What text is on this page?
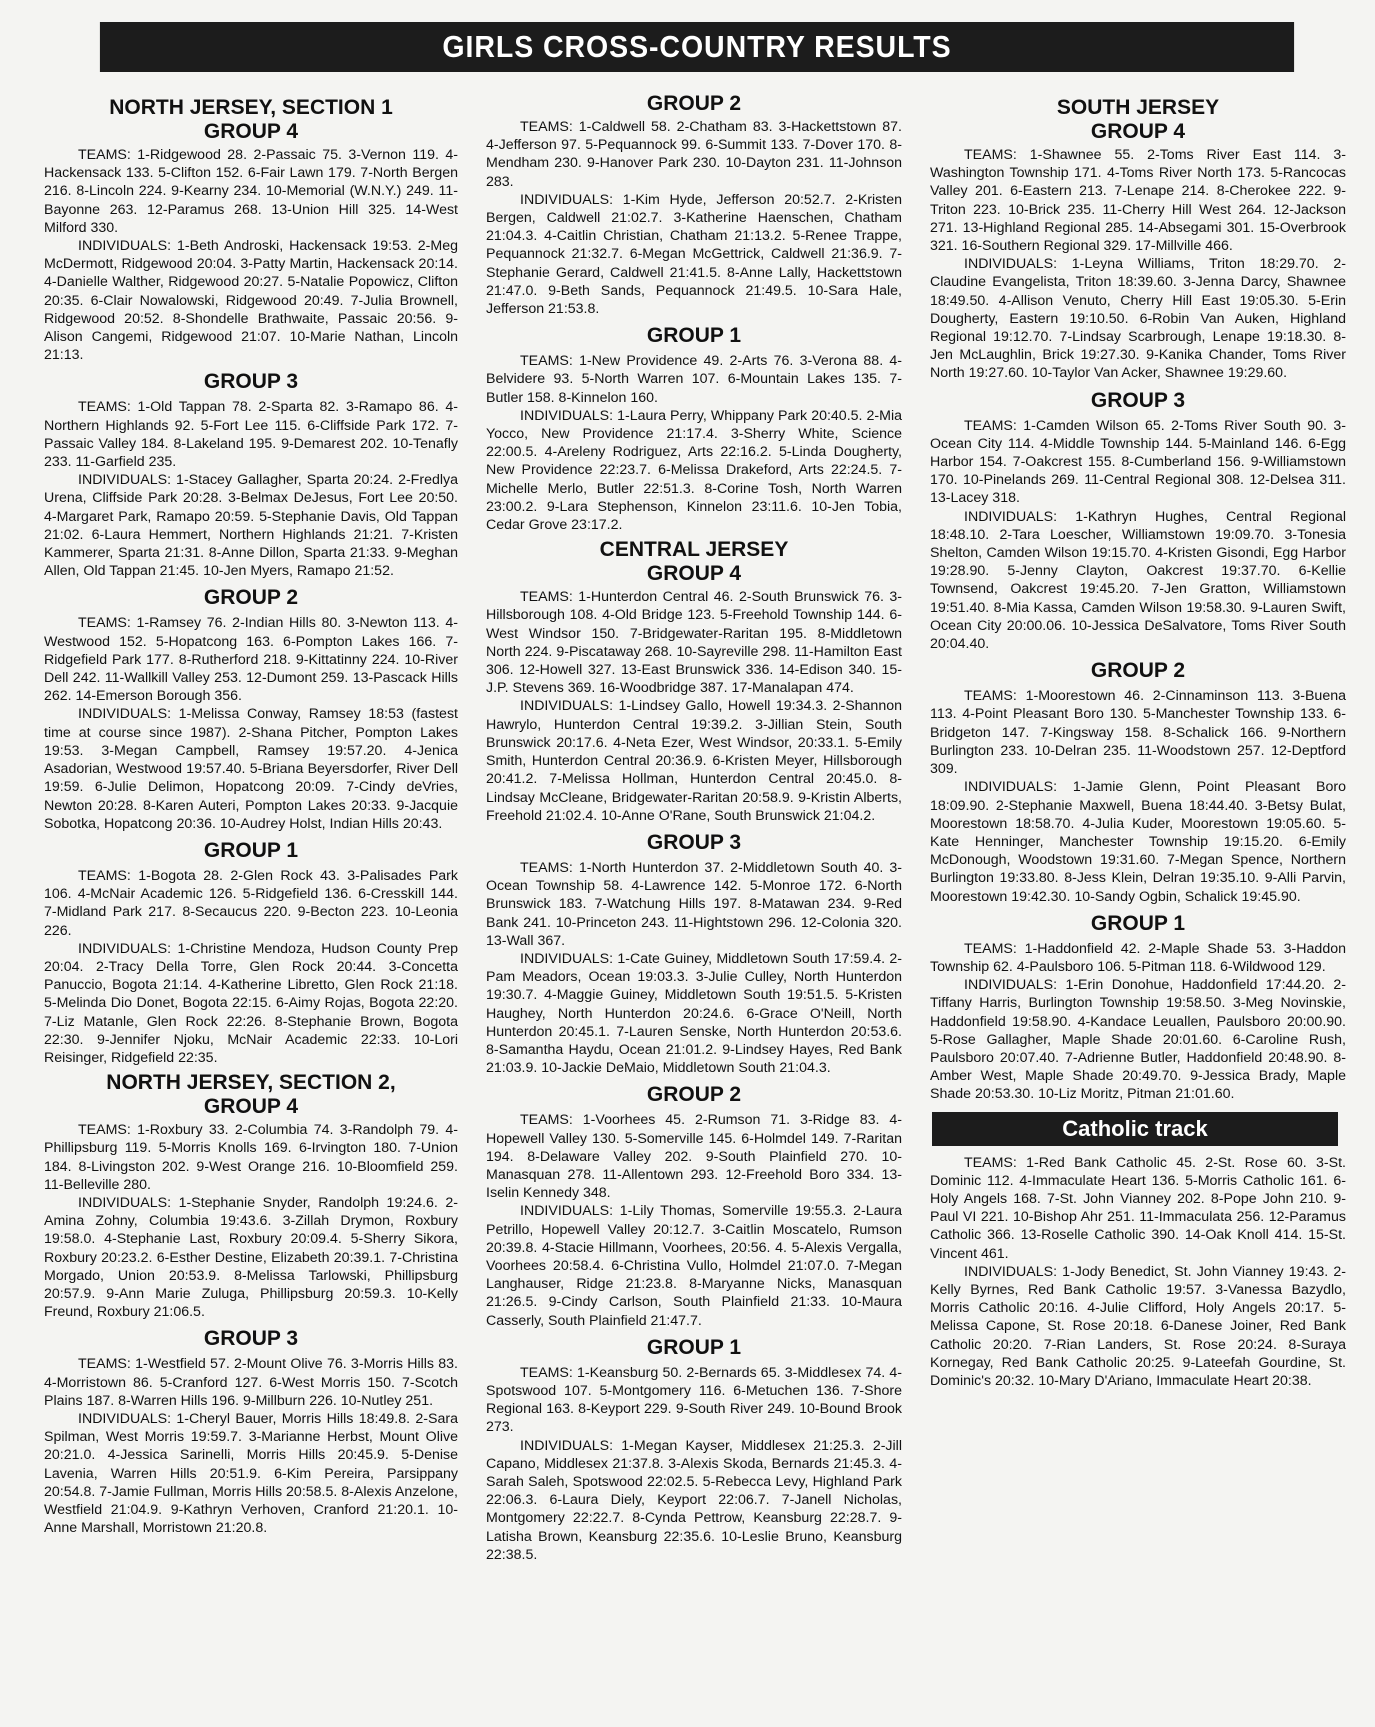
GIRLS CROSS-COUNTRY RESULTS
NORTH JERSEY, SECTION 1
GROUP 4

TEAMS: 1-Ridgewood 28. 2-Passaic 75. 3-Vernon 119. 4-Hackensack 133. 5-Clifton 152. 6-Fair Lawn 179. 7-North Bergen 216. 8-Lincoln 224. 9-Kearny 234. 10-Memorial (W.N.Y.) 249. 11-Bayonne 263. 12-Paramus 268. 13-Union Hill 325. 14-West Milford 330.

INDIVIDUALS: 1-Beth Androski, Hackensack 19:53. 2-Meg McDermott, Ridgewood 20:04. 3-Patty Martin, Hackensack 20:14. 4-Danielle Walther, Ridgewood 20:27. 5-Natalie Popowicz, Clifton 20:35. 6-Clair Nowalowski, Ridgewood 20:49. 7-Julia Brownell, Ridgewood 20:52. 8-Shondelle Brathwaite, Passaic 20:56. 9-Alison Cangemi, Ridgewood 21:07. 10-Marie Nathan, Lincoln 21:13.

GROUP 3

TEAMS: 1-Old Tappan 78. 2-Sparta 82. 3-Ramapo 86. 4-Northern Highlands 92. 5-Fort Lee 115. 6-Cliffside Park 172. 7-Passaic Valley 184. 8-Lakeland 195. 9-Demarest 202. 10-Tenafly 233. 11-Garfield 235.

INDIVIDUALS: 1-Stacey Gallagher, Sparta 20:24. 2-Fredlya Urena, Cliffside Park 20:28. 3-Belmax DeJesus, Fort Lee 20:50. 4-Margaret Park, Ramapo 20:59. 5-Stephanie Davis, Old Tappan 21:02. 6-Laura Hemmert, Northern Highlands 21:21. 7-Kristen Kammerer, Sparta 21:31. 8-Anne Dillon, Sparta 21:33. 9-Meghan Allen, Old Tappan 21:45. 10-Jen Myers, Ramapo 21:52.

GROUP 2

TEAMS: 1-Ramsey 76. 2-Indian Hills 80. 3-Newton 113. 4-Westwood 152. 5-Hopatcong 163. 6-Pompton Lakes 166. 7-Ridgefield Park 177. 8-Rutherford 218. 9-Kittatinny 224. 10-River Dell 242. 11-Wallkill Valley 253. 12-Dumont 259. 13-Pascack Hills 262. 14-Emerson Borough 356.

INDIVIDUALS: 1-Melissa Conway, Ramsey 18:53 (fastest time at course since 1987). 2-Shana Pitcher, Pompton Lakes 19:53. 3-Megan Campbell, Ramsey 19:57.20. 4-Jenica Asadorian, Westwood 19:57.40. 5-Briana Beyersdorfer, River Dell 19:59. 6-Julie Delimon, Hopatcong 20:09. 7-Cindy deVries, Newton 20:28. 8-Karen Auteri, Pompton Lakes 20:33. 9-Jacquie Sobotka, Hopatcong 20:36. 10-Audrey Holst, Indian Hills 20:43.

GROUP 1

TEAMS: 1-Bogota 28. 2-Glen Rock 43. 3-Palisades Park 106. 4-McNair Academic 126. 5-Ridgefield 136. 6-Cresskill 144. 7-Midland Park 217. 8-Secaucus 220. 9-Becton 223. 10-Leonia 226.

INDIVIDUALS: 1-Christine Mendoza, Hudson County Prep 20:04. 2-Tracy Della Torre, Glen Rock 20:44. 3-Concetta Panuccio, Bogota 21:14. 4-Katherine Libretto, Glen Rock 21:18. 5-Melinda Dio Donet, Bogota 22:15. 6-Aimy Rojas, Bogota 22:20. 7-Liz Matanle, Glen Rock 22:26. 8-Stephanie Brown, Bogota 22:30. 9-Jennifer Njoku, McNair Academic 22:33. 10-Lori Reisinger, Ridgefield 22:35.

NORTH JERSEY, SECTION 2,
GROUP 4

TEAMS: 1-Roxbury 33. 2-Columbia 74. 3-Randolph 79. 4-Phillipsburg 119. 5-Morris Knolls 169. 6-Irvington 180. 7-Union 184. 8-Livingston 202. 9-West Orange 216. 10-Bloomfield 259. 11-Belleville 280.

INDIVIDUALS: 1-Stephanie Snyder, Randolph 19:24.6. 2-Amina Zohny, Columbia 19:43.6. 3-Zillah Drymon, Roxbury 19:58.0. 4-Stephanie Last, Roxbury 20:09.4. 5-Sherry Sikora, Roxbury 20:23.2. 6-Esther Destine, Elizabeth 20:39.1. 7-Christina Morgado, Union 20:53.9. 8-Melissa Tarlowski, Phillipsburg 20:57.9. 9-Ann Marie Zuluga, Phillipsburg 20:59.3. 10-Kelly Freund, Roxbury 21:06.5.

GROUP 3

TEAMS: 1-Westfield 57. 2-Mount Olive 76. 3-Morris Hills 83. 4-Morristown 86. 5-Cranford 127. 6-West Morris 150. 7-Scotch Plains 187. 8-Warren Hills 196. 9-Millburn 226. 10-Nutley 251.

INDIVIDUALS: 1-Cheryl Bauer, Morris Hills 18:49.8. 2-Sara Spilman, West Morris 19:59.7. 3-Marianne Herbst, Mount Olive 20:21.0. 4-Jessica Sarinelli, Morris Hills 20:45.9. 5-Denise Lavenia, Warren Hills 20:51.9. 6-Kim Pereira, Parsippany 20:54.8. 7-Jamie Fullman, Morris Hills 20:58.5. 8-Alexis Anzelone, Westfield 21:04.9. 9-Kathryn Verhoven, Cranford 21:20.1. 10-Anne Marshall, Morristown 21:20.8.

GROUP 2

TEAMS: 1-Caldwell 58. 2-Chatham 83. 3-Hackettstown 87. 4-Jefferson 97. 5-Pequannock 99. 6-Summit 133. 7-Dover 170. 8-Mendham 230. 9-Hanover Park 230. 10-Dayton 231. 11-Johnson 283.

INDIVIDUALS: 1-Kim Hyde, Jefferson 20:52.7. 2-Kristen Bergen, Caldwell 21:02.7. 3-Katherine Haenschen, Chatham 21:04.3. 4-Caitlin Christian, Chatham 21:13.2. 5-Renee Trappe, Pequannock 21:32.7. 6-Megan McGettrick, Caldwell 21:36.9. 7-Stephanie Gerard, Caldwell 21:41.5. 8-Anne Lally, Hackettstown 21:47.0. 9-Beth Sands, Pequannock 21:49.5. 10-Sara Hale, Jefferson 21:53.8.

GROUP 1

TEAMS: 1-New Providence 49. 2-Arts 76. 3-Verona 88. 4-Belvidere 93. 5-North Warren 107. 6-Mountain Lakes 135. 7-Butler 158. 8-Kinnelon 160.

INDIVIDUALS: 1-Laura Perry, Whippany Park 20:40.5. 2-Mia Yocco, New Providence 21:17.4. 3-Sherry White, Science 22:00.5. 4-Areleny Rodriguez, Arts 22:16.2. 5-Linda Dougherty, New Providence 22:23.7. 6-Melissa Drakeford, Arts 22:24.5. 7-Michelle Merlo, Butler 22:51.3. 8-Corine Tosh, North Warren 23:00.2. 9-Lara Stephenson, Kinnelon 23:11.6. 10-Jen Tobia, Cedar Grove 23:17.2.

CENTRAL JERSEY
GROUP 4

TEAMS: 1-Hunterdon Central 46. 2-South Brunswick 76. 3-Hillsborough 108. 4-Old Bridge 123. 5-Freehold Township 144. 6-West Windsor 150. 7-Bridgewater-Raritan 195. 8-Middletown North 224. 9-Piscataway 268. 10-Sayreville 298. 11-Hamilton East 306. 12-Howell 327. 13-East Brunswick 336. 14-Edison 340. 15-J.P. Stevens 369. 16-Woodbridge 387. 17-Manalapan 474.

INDIVIDUALS: 1-Lindsey Gallo, Howell 19:34.3. 2-Shannon Hawrylo, Hunterdon Central 19:39.2. 3-Jillian Stein, South Brunswick 20:17.6. 4-Neta Ezer, West Windsor, 20:33.1. 5-Emily Smith, Hunterdon Central 20:36.9. 6-Kristen Meyer, Hillsborough 20:41.2. 7-Melissa Hollman, Hunterdon Central 20:45.0. 8-Lindsay McCleane, Bridgewater-Raritan 20:58.9. 9-Kristin Alberts, Freehold 21:02.4. 10-Anne O'Rane, South Brunswick 21:04.2.

GROUP 3

TEAMS: 1-North Hunterdon 37. 2-Middletown South 40. 3-Ocean Township 58. 4-Lawrence 142. 5-Monroe 172. 6-North Brunswick 183. 7-Watchung Hills 197. 8-Matawan 234. 9-Red Bank 241. 10-Princeton 243. 11-Hightstown 296. 12-Colonia 320. 13-Wall 367.

INDIVIDUALS: 1-Cate Guiney, Middletown South 17:59.4. 2-Pam Meadors, Ocean 19:03.3. 3-Julie Culley, North Hunterdon 19:30.7. 4-Maggie Guiney, Middletown South 19:51.5. 5-Kristen Haughey, North Hunterdon 20:24.6. 6-Grace O'Neill, North Hunterdon 20:45.1. 7-Lauren Senske, North Hunterdon 20:53.6. 8-Samantha Haydu, Ocean 21:01.2. 9-Lindsey Hayes, Red Bank 21:03.9. 10-Jackie DeMaio, Middletown South 21:04.3.

GROUP 2

TEAMS: 1-Voorhees 45. 2-Rumson 71. 3-Ridge 83. 4-Hopewell Valley 130. 5-Somerville 145. 6-Holmdel 149. 7-Raritan 194. 8-Delaware Valley 202. 9-South Plainfield 270. 10-Manasquan 278. 11-Allentown 293. 12-Freehold Boro 334. 13-Iselin Kennedy 348.

INDIVIDUALS: 1-Lily Thomas, Somerville 19:55.3. 2-Laura Petrillo, Hopewell Valley 20:12.7. 3-Caitlin Moscatelo, Rumson 20:39.8. 4-Stacie Hillmann, Voorhees, 20:56. 4. 5-Alexis Vergalla, Voorhees 20:58.4. 6-Christina Vullo, Holmdel 21:07.0. 7-Megan Langhauser, Ridge 21:23.8. 8-Maryanne Nicks, Manasquan 21:26.5. 9-Cindy Carlson, South Plainfield 21:33. 10-Maura Casserly, South Plainfield 21:47.7.

GROUP 1

TEAMS: 1-Keansburg 50. 2-Bernards 65. 3-Middlesex 74. 4-Spotswood 107. 5-Montgomery 116. 6-Metuchen 136. 7-Shore Regional 163. 8-Keyport 229. 9-South River 249. 10-Bound Brook 273.

INDIVIDUALS: 1-Megan Kayser, Middlesex 21:25.3. 2-Jill Capano, Middlesex 21:37.8. 3-Alexis Skoda, Bernards 21:45.3. 4-Sarah Saleh, Spotswood 22:02.5. 5-Rebecca Levy, Highland Park 22:06.3. 6-Laura Diely, Keyport 22:06.7. 7-Janell Nicholas, Montgomery 22:22.7. 8-Cynda Pettrow, Keansburg 22:28.7. 9-Latisha Brown, Keansburg 22:35.6. 10-Leslie Bruno, Keansburg 22:38.5.

SOUTH JERSEY
GROUP 4

TEAMS: 1-Shawnee 55. 2-Toms River East 114. 3-Washington Township 171. 4-Toms River North 173. 5-Rancocas Valley 201. 6-Eastern 213. 7-Lenape 214. 8-Cherokee 222. 9-Triton 223. 10-Brick 235. 11-Cherry Hill West 264. 12-Jackson 271. 13-Highland Regional 285. 14-Absegami 301. 15-Overbrook 321. 16-Southern Regional 329. 17-Millville 466.

INDIVIDUALS: 1-Leyna Williams, Triton 18:29.70. 2-Claudine Evangelista, Triton 18:39.60. 3-Jenna Darcy, Shawnee 18:49.50. 4-Allison Venuto, Cherry Hill East 19:05.30. 5-Erin Dougherty, Eastern 19:10.50. 6-Robin Van Auken, Highland Regional 19:12.70. 7-Lindsay Scarbrough, Lenape 19:18.30. 8-Jen McLaughlin, Brick 19:27.30. 9-Kanika Chander, Toms River North 19:27.60. 10-Taylor Van Acker, Shawnee 19:29.60.

GROUP 3

TEAMS: 1-Camden Wilson 65. 2-Toms River South 90. 3-Ocean City 114. 4-Middle Township 144. 5-Mainland 146. 6-Egg Harbor 154. 7-Oakcrest 155. 8-Cumberland 156. 9-Williamstown 170. 10-Pinelands 269. 11-Central Regional 308. 12-Delsea 311. 13-Lacey 318.

INDIVIDUALS: 1-Kathryn Hughes, Central Regional 18:48.10. 2-Tara Loescher, Williamstown 19:09.70. 3-Tonesia Shelton, Camden Wilson 19:15.70. 4-Kristen Gisondi, Egg Harbor 19:28.90. 5-Jenny Clayton, Oakcrest 19:37.70. 6-Kellie Townsend, Oakcrest 19:45.20. 7-Jen Gratton, Williamstown 19:51.40. 8-Mia Kassa, Camden Wilson 19:58.30. 9-Lauren Swift, Ocean City 20:00.06. 10-Jessica DeSalvatore, Toms River South 20:04.40.

GROUP 2

TEAMS: 1-Moorestown 46. 2-Cinnaminson 113. 3-Buena 113. 4-Point Pleasant Boro 130. 5-Manchester Township 133. 6-Bridgeton 147. 7-Kingsway 158. 8-Schalick 166. 9-Northern Burlington 233. 10-Delran 235. 11-Woodstown 257. 12-Deptford 309.

INDIVIDUALS: 1-Jamie Glenn, Point Pleasant Boro 18:09.90. 2-Stephanie Maxwell, Buena 18:44.40. 3-Betsy Bulat, Moorestown 18:58.70. 4-Julia Kuder, Moorestown 19:05.60. 5-Kate Henninger, Manchester Township 19:15.20. 6-Emily McDonough, Woodstown 19:31.60. 7-Megan Spence, Northern Burlington 19:33.80. 8-Jess Klein, Delran 19:35.10. 9-Alli Parvin, Moorestown 19:42.30. 10-Sandy Ogbin, Schalick 19:45.90.

GROUP 1

TEAMS: 1-Haddonfield 42. 2-Maple Shade 53. 3-Haddon Township 62. 4-Paulsboro 106. 5-Pitman 118. 6-Wildwood 129.

INDIVIDUALS: 1-Erin Donohue, Haddonfield 17:44.20. 2-Tiffany Harris, Burlington Township 19:58.50. 3-Meg Novinskie, Haddonfield 19:58.90. 4-Kandace Leuallen, Paulsboro 20:00.90. 5-Rose Gallagher, Maple Shade 20:01.60. 6-Caroline Rush, Paulsboro 20:07.40. 7-Adrienne Butler, Haddonfield 20:48.90. 8-Amber West, Maple Shade 20:49.70. 9-Jessica Brady, Maple Shade 20:53.30. 10-Liz Moritz, Pitman 21:01.60.

Catholic track

TEAMS: 1-Red Bank Catholic 45. 2-St. Rose 60. 3-St. Dominic 112. 4-Immaculate Heart 136. 5-Morris Catholic 161. 6-Holy Angels 168. 7-St. John Vianney 202. 8-Pope John 210. 9-Paul VI 221. 10-Bishop Ahr 251. 11-Immaculata 256. 12-Paramus Catholic 366. 13-Roselle Catholic 390. 14-Oak Knoll 414. 15-St. Vincent 461.

INDIVIDUALS: 1-Jody Benedict, St. John Vianney 19:43. 2-Kelly Byrnes, Red Bank Catholic 19:57. 3-Vanessa Bazydlo, Morris Catholic 20:16. 4-Julie Clifford, Holy Angels 20:17. 5-Melissa Capone, St. Rose 20:18. 6-Danese Joiner, Red Bank Catholic 20:20. 7-Rian Landers, St. Rose 20:24. 8-Suraya Kornegay, Red Bank Catholic 20:25. 9-Lateefah Gourdine, St. Dominic's 20:32. 10-Mary D'Ariano, Immaculate Heart 20:38.
